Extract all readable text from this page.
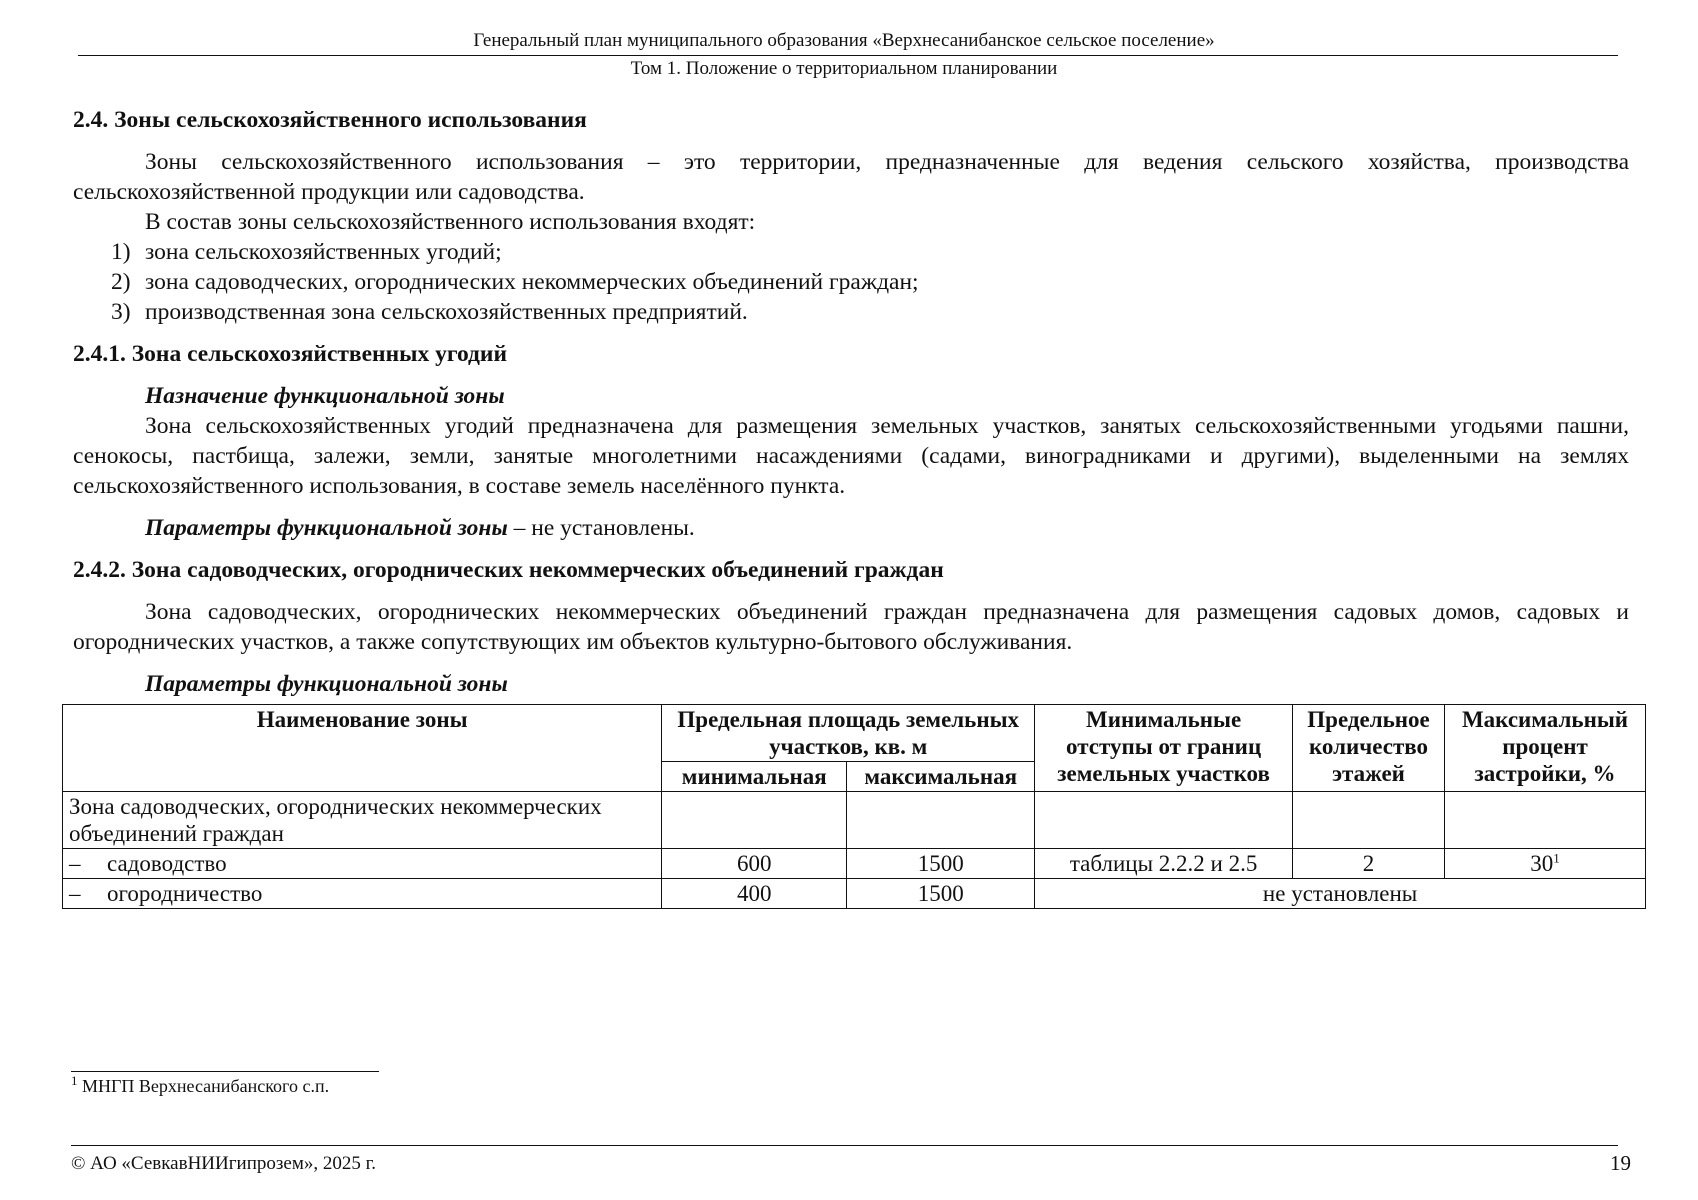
Генеральный план муниципального образования «Верхнесанибанское сельское поселение»
Том 1. Положение о территориальном планировании
2.4. Зоны сельскохозяйственного использования

Зоны сельскохозяйственного использования – это территории, предназначенные для ведения сельского хозяйства, производства сельскохозяйственной продукции или садоводства.

В состав зоны сельскохозяйственного использования входят:

1) зона сельскохозяйственных угодий;
2) зона садоводческих, огороднических некоммерческих объединений граждан;
3) производственная зона сельскохозяйственных предприятий.
2.4.1. Зона сельскохозяйственных угодий
Назначение функциональной зоны

Зона сельскохозяйственных угодий предназначена для размещения земельных участков, занятых сельскохозяйственными угодьями пашни, сенокосы, пастбища, залежи, земли, занятые многолетними насаждениями (садами, виноградниками и другими), выделенными на землях сельскохозяйственного использования, в составе земель населённого пункта.

Параметры функциональной зоны – не установлены.

2.4.2. Зона садоводческих, огороднических некоммерческих объединений граждан

Зона садоводческих, огороднических некоммерческих объединений граждан предназначена для размещения садовых домов, садовых и огороднических участков, а также сопутствующих им объектов культурно-бытового обслуживания.

Параметры функциональной зоны
Наименование зоны	Предельная площадь земельных участков, кв. м		Минимальные отступы от границ земельных участков	Предельное количество этажей	Максимальный процент застройки, %
	минимальная	максимальная			
Зона садоводческих, огороднических некоммерческих объединений граждан					
– садоводство	600	1500	таблицы 2.2.2 и 2.5	2	$30^1$
– огородничество	400	1500	не установлены		
$^1$ МНГП Верхнесанибанского с.п.
© АО «СевкавНИИгипрозем», 2025 г.	19
